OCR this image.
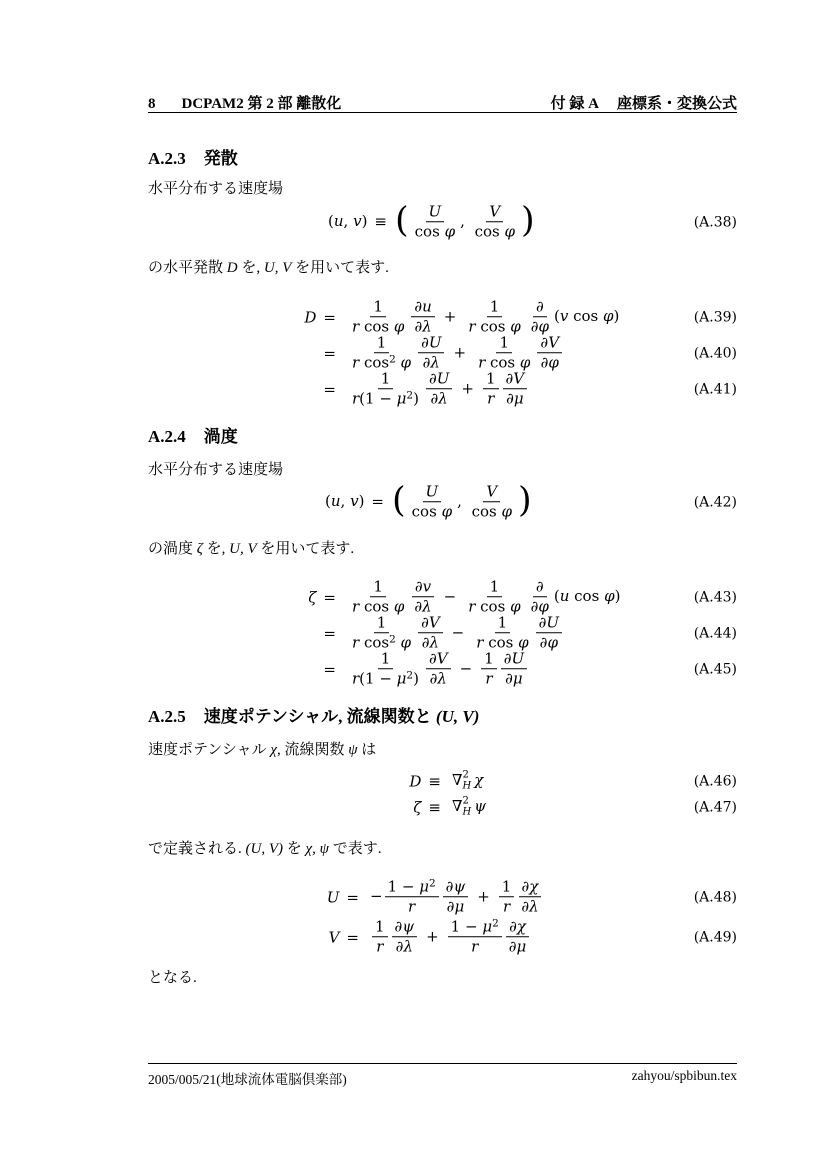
8 DCPAM2 第 2 部 離散化	付 録 A 座標系・変換公式
A.2.3 発散

水平分布する速度場

(u, v) ≡ ( $\frac{U}{\text{cos φ}}$ , $\frac{V}{\text{cos φ}}$ )	(A.38)

の水平発散 D を, U, V を用いて表す.

$D = \frac{1}{\text{r cos φ}} \frac{\partial u}{\partial\lambda} + \frac{1}{\text{r cos φ}} \frac{\partial}{\partial\varphi} (v$ cos φ)	(A.39)
= $\frac{1}{r \cos^2 \varphi} \frac{\partial U}{\partial\lambda} + \frac{1}{\text{r cos φ}} \frac{\partial V}{\partial\varphi}$	(A.40)
= $\frac{1}{r(1 - \mu^2)} \frac{\partial U}{\partial\lambda} + \frac{1}{r} \frac{\partial V}{\partial\mu}$	(A.41)
A.2.4 渦度

水平分布する速度場

(u, v) = ( $\frac{U}{\text{cos φ}}$ , $\frac{V}{\text{cos φ}}$ )	(A.42)

の渦度 ζ を, U, V を用いて表す.

$\zeta = \frac{1}{\text{r cos φ}} \frac{\partial v}{\partial\lambda} - \frac{1}{\text{r cos φ}} \frac{\partial}{\partial\varphi} (u$ cos φ)	(A.43)
= $\frac{1}{r \cos^2 \varphi} \frac{\partial V}{\partial\lambda} - \frac{1}{\text{r cos φ}} \frac{\partial U}{\partial\varphi}$	(A.44)
= $\frac{1}{r(1 - \mu^2)} \frac{\partial V}{\partial\lambda} - \frac{1}{r} \frac{\partial U}{\partial\mu}$	(A.45)
A.2.5 速度ポテンシャル, 流線関数と (U, V)

速度ポテンシャル χ, 流線関数 ψ は

D ≡ ∇ 2
H χ	(A.46)
ζ ≡ ∇ 2
H ψ	(A.47)

で定義される. (U, V) を χ, ψ で表す.

U = − $\frac{1 - \mu^2}{r} \frac{\partial\psi}{\partial\mu} + \frac{1}{r} \frac{\partial\chi}{\partial\lambda}$	(A.48)
$V = \frac{1}{r} \frac{\partial\psi}{\partial\lambda} + \frac{1 - \mu^2}{r} \frac{\partial\chi}{\partial\mu}$	(A.49)

となる.

2005/005/21(地球流体電脳倶楽部)	zahyou/spbibun.tex
